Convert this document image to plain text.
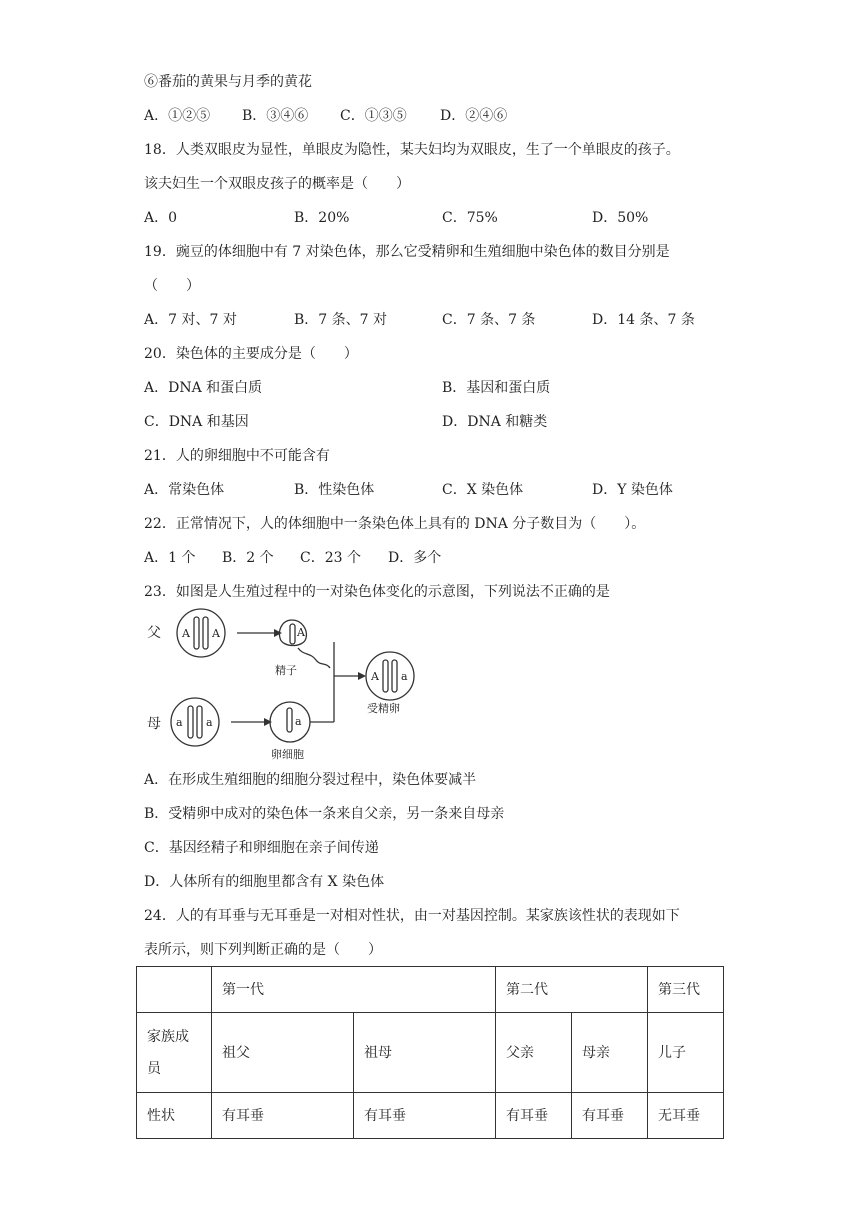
⑥番茄的黄果与月季的黄花
A．①②⑤ B．③④⑥ C．①③⑤ D．②④⑥
18．人类双眼皮为显性，单眼皮为隐性，某夫妇均为双眼皮，生了一个单眼皮的孩子。
该夫妇生一个双眼皮孩子的概率是（　　）
A．0	B．20%	C．75%	D．50%
19．豌豆的体细胞中有 7 对染色体，那么它受精卵和生殖细胞中染色体的数目分别是
（　　）
A．7 对、7 对	B．7 条、7 对	C．7 条、7 条	D．14 条、7 条
20．染色体的主要成分是（　　）
A．DNA 和蛋白质	B．基因和蛋白质
C．DNA 和基因	D．DNA 和糖类
21．人的卵细胞中不可能含有
A．常染色体	B．性染色体	C．X 染色体	D．Y 染色体
22．正常情况下，人的体细胞中一条染色体上具有的 DNA 分子数目为（　　）。
A．1 个 B．2 个 C．23 个 D．多个
23．如图是人生殖过程中的一对染色体变化的示意图，下列说法不正确的是
父
母
A A	A
精子
a a	a
卵细胞
A a
受精卵
A．在形成生殖细胞的细胞分裂过程中，染色体要减半
B．受精卵中成对的染色体一条来自父亲，另一条来自母亲
C．基因经精子和卵细胞在亲子间传递
D．人体所有的细胞里都含有 X 染色体
24．人的有耳垂与无耳垂是一对相对性状，由一对基因控制。某家族该性状的表现如下
表所示，则下列判断正确的是（　　）
	第一代		第二代		第三代
家族成员	祖父	祖母	父亲	母亲	儿子
性状	有耳垂	有耳垂	有耳垂	有耳垂	无耳垂
